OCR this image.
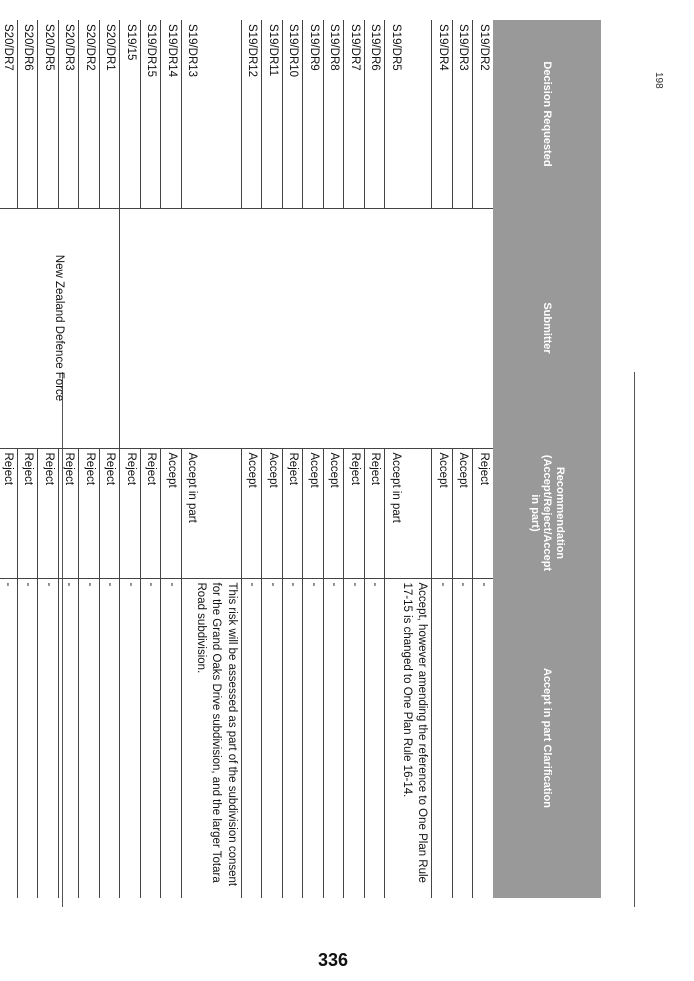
198
Decision Requested	Submitter	Recommendation (Accept/Reject/Accept in part)	Accept in part Clarification
S19/DR2		Reject	-
S19/DR3		Accept	-
S19/DR4		Accept	-
S19/DR5		Accept in part	Accept, however amending the reference to One Plan Rule 17-15 is changed to One Plan Rule 16-14.
S19/DR6		Reject	-
S19/DR7		Reject	-
S19/DR8		Accept	-
S19/DR9		Accept	-
S19/DR10		Reject	-
S19/DR11		Accept	-
S19/DR12		Accept	-
S19/DR13		Accept in part	This risk will be assessed as part of the subdivision consent for the Grand Oaks Drive subdivision, and the larger Totara Road subdivision.
S19/DR14		Accept	-
S19/DR15		Reject	-
S19/15		Reject	-
S20/DR1	New Zealand Defence Force	Reject	-
S20/DR2		Reject	-
S20/DR3		Reject	-
S20/DR5		Reject	-
S20/DR6		Reject	-
S20/DR7		Reject	-
336
